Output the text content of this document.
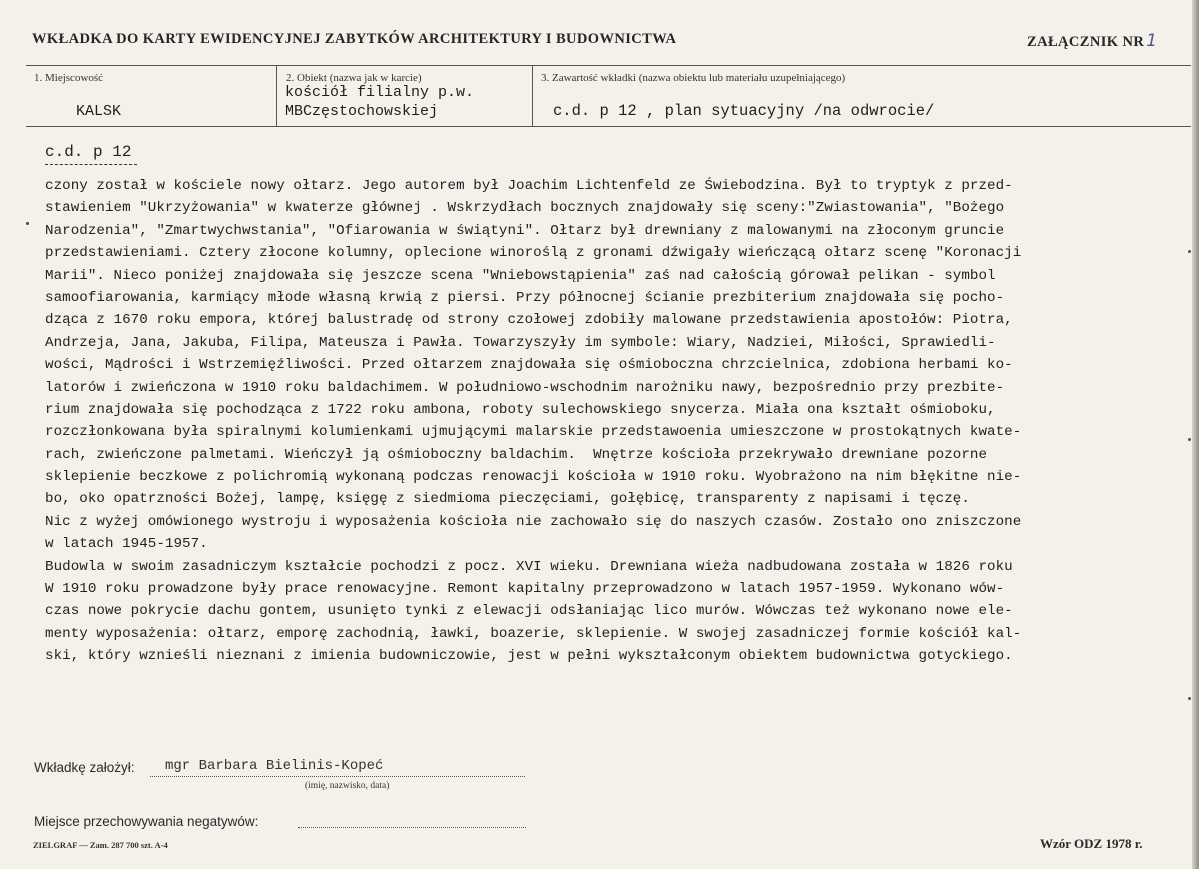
WKŁADKA DO KARTY EWIDENCYJNEJ ZABYTKÓW ARCHITEKTURY I BUDOWNICTWA	ZAŁĄCZNIK NR 1
1. Miejscowość
KALSK
2. Obiekt (nazwa jak w karcie)
kościół filialny p.w.
MBCzęstochowskiej
3. Zawartość wkładki (nazwa obiektu lub materiału uzupełniającego)
c.d. p 12 , plan sytuacyjny /na odwrocie/
c.d. p 12
czony został w kościele nowy ołtarz. Jego autorem był Joachim Lichtenfeld ze Świebodzina. Był to tryptyk z przed-
stawieniem "Ukrzyżowania" w kwaterze głównej . Wskrzydłach bocznych znajdowały się sceny:"Zwiastowania", "Bożego
Narodzenia", "Zmartwychwstania", "Ofiarowania w świątyni". Ołtarz był drewniany z malowanymi na złoconym gruncie
przedstawieniami. Cztery złocone kolumny, oplecione winoroślą z gronami dźwigały wieńczącą ołtarz scenę "Koronacji
Marii". Nieco poniżej znajdowała się jeszcze scena "Wniebowstąpienia" zaś nad całością górował pelikan - symbol
samoofiarowania, karmiący młode własną krwią z piersi. Przy północnej ścianie prezbiterium znajdowała się pocho-
dząca z 1670 roku empora, której balustradę od strony czołowej zdobiły malowane przedstawienia apostołów: Piotra,
Andrzeja, Jana, Jakuba, Filipa, Mateusza i Pawła. Towarzyszyły im symbole: Wiary, Nadziei, Miłości, Sprawiedli-
wości, Mądrości i Wstrzemięźliwości. Przed ołtarzem znajdowała się ośmioboczna chrzcielnica, zdobiona herbami ko-
latorów i zwieńczona w 1910 roku baldachimem. W południowo-wschodnim narożniku nawy, bezpośrednio przy prezbite-
rium znajdowała się pochodząca z 1722 roku ambona, roboty sulechowskiego snycerza. Miała ona kształt ośmioboku,
rozczłonkowana była spiralnymi kolumienkami ujmującymi malarskie przedstawoenia umieszczone w prostokątnych kwate-
rach, zwieńczone palmetami. Wieńczył ją ośmioboczny baldachim.  Wnętrze kościoła przekrywało drewniane pozorne
sklepienie beczkowe z polichromią wykonaną podczas renowacji kościoła w 1910 roku. Wyobrażono na nim błękitne nie-
bo, oko opatrzności Bożej, lampę, księgę z siedmioma pieczęciami, gołębicę, transparenty z napisami i tęczę.
Nic z wyżej omówionego wystroju i wyposażenia kościoła nie zachowało się do naszych czasów. Zostało ono zniszczone
w latach 1945-1957.
Budowla w swoim zasadniczym kształcie pochodzi z pocz. XVI wieku. Drewniana wieża nadbudowana została w 1826 roku
W 1910 roku prowadzone były prace renowacyjne. Remont kapitalny przeprowadzono w latach 1957-1959. Wykonano wów-
czas nowe pokrycie dachu gontem, usunięto tynki z elewacji odsłaniając lico murów. Wówczas też wykonano nowe ele-
menty wyposażenia: ołtarz, emporę zachodnią, ławki, boazerie, sklepienie. W swojej zasadniczej formie kościół kal-
ski, który wznieśli nieznani z imienia budowniczowie, jest w pełni wykształconym obiektem budownictwa gotyckiego.
Wkładkę założył: mgr Barbara Bielinis-Kopeć
(imię, nazwisko, data)
Miejsce przechowywania negatywów:
ZIELGRAF — Zam. 287 700 szt. A-4	Wzór ODZ 1978 r.
